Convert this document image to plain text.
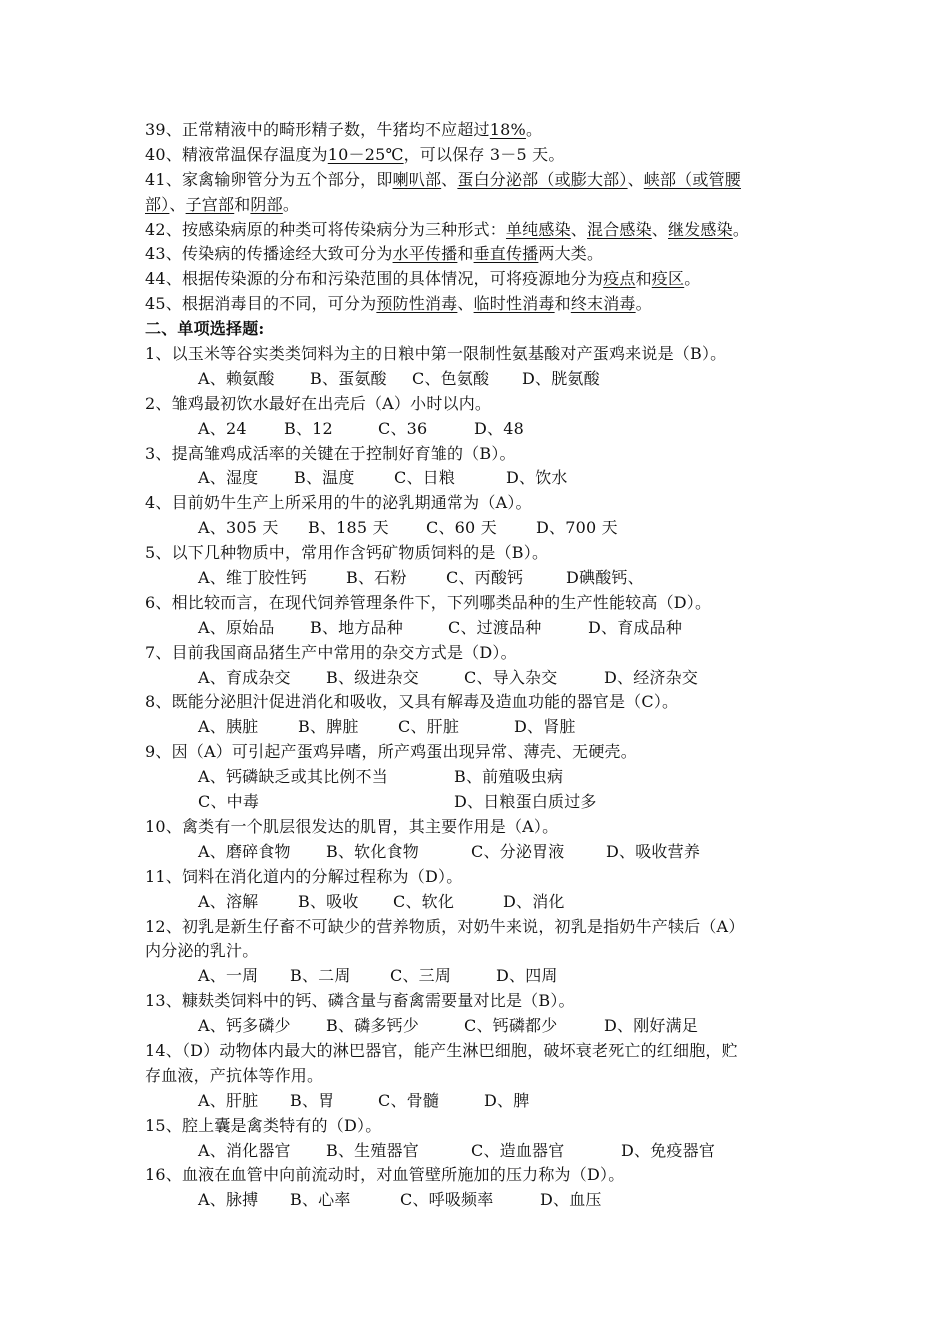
39、正常精液中的畸形精子数，牛猪均不应超过18%。
40、精液常温保存温度为10－25℃，可以保存 3－5 天。
41、家禽输卵管分为五个部分，即喇叭部、蛋白分泌部（或膨大部）、峡部（或管腰
部）、子宫部和阴部。
42、按感染病原的种类可将传染病分为三种形式：单纯感染、混合感染、继发感染。
43、传染病的传播途经大致可分为水平传播和垂直传播两大类。
44、根据传染源的分布和污染范围的具体情况，可将疫源地分为疫点和疫区。
45、根据消毒目的不同，可分为预防性消毒、临时性消毒和终末消毒。
二、单项选择题:
1、以玉米等谷实类类饲料为主的日粮中第一限制性氨基酸对产蛋鸡来说是（B）。
A、赖氨酸 B、蛋氨酸 C、色氨酸 D、胱氨酸
2、雏鸡最初饮水最好在出壳后（A）小时以内。
A、24 B、12	C、36	D、48
3、提高雏鸡成活率的关键在于控制好育雏的（B）。
A、湿度 B、温度 C、日粮	D、饮水
4、目前奶牛生产上所采用的牛的泌乳期通常为（A）。
A、305 天 B、185 天 C、60 天 D、700 天
5、以下几种物质中，常用作含钙矿物质饲料的是（B）。
A、维丁胶性钙 B、石粉 C、丙酸钙	D碘酸钙、
6、相比较而言，在现代饲养管理条件下，下列哪类品种的生产性能较高（D）。
A、原始品 B、地方品种	C、过渡品种	D、育成品种
7、目前我国商品猪生产中常用的杂交方式是（D）。
A、育成杂交 B、级进杂交	C、导入杂交	D、经济杂交
8、既能分泌胆汁促进消化和吸收，又具有解毒及造血功能的器官是（C）。
A、胰脏 B、脾脏 C、肝脏	D、肾脏
9、因（A）可引起产蛋鸡异嗜，所产鸡蛋出现异常、薄壳、无硬壳。
A、钙磷缺乏或其比例不当	B、前殖吸虫病
C、中毒	D、日粮蛋白质过多
10、禽类有一个肌层很发达的肌胃，其主要作用是（A）。
A、磨碎食物 B、软化食物	C、分泌胃液	D、吸收营养
11、饲料在消化道内的分解过程称为（D）。
A、溶解 B、吸收 C、软化	D、消化
12、初乳是新生仔畜不可缺少的营养物质，对奶牛来说，初乳是指奶牛产犊后（A）
内分泌的乳汁。
A、一周 B、二周 C、三周	D、四周
13、糠麸类饲料中的钙、磷含量与畜禽需要量对比是（B）。
A、钙多磷少 B、磷多钙少	C、钙磷都少	D、刚好满足
14、（D）动物体内最大的淋巴器官，能产生淋巴细胞，破坏衰老死亡的红细胞，贮
存血液，产抗体等作用。
A、肝脏 B、胃	C、骨髓	D、脾
15、腔上囊是禽类特有的（D）。
A、消化器官 B、生殖器官	C、造血器官	D、免疫器官
16、血液在血管中向前流动时，对血管壁所施加的压力称为（D）。
A、脉搏 B、心率	C、呼吸频率	D、血压
